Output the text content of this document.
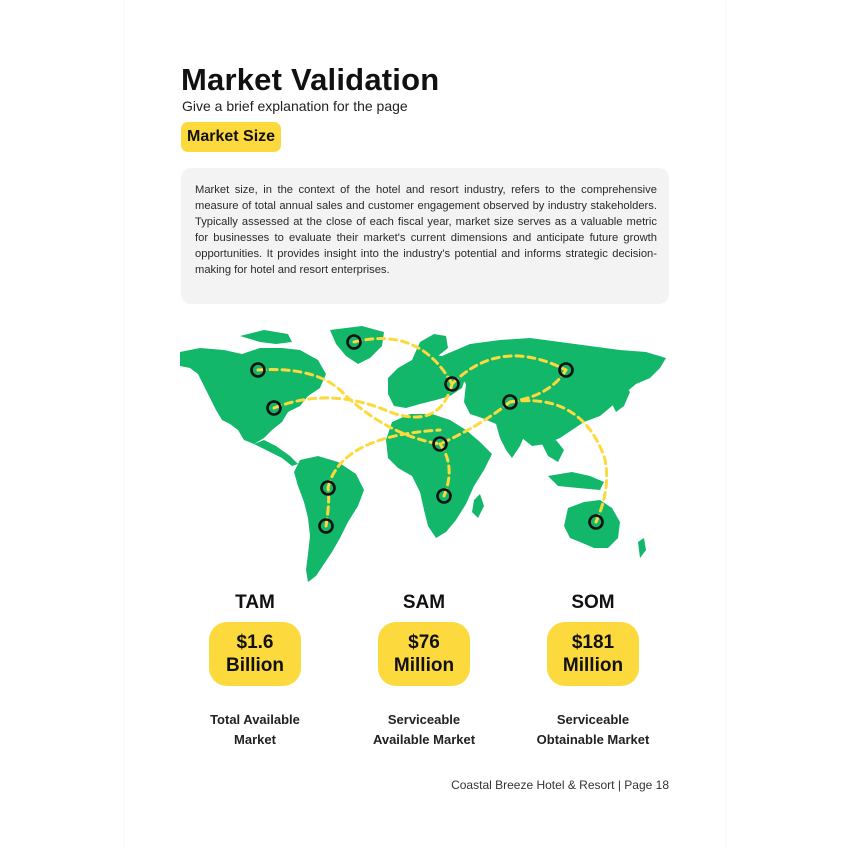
Market Validation

Give a brief explanation for the page

Market Size

Market size, in the context of the hotel and resort industry, refers to the comprehensive measure of total annual sales and customer engagement observed by industry stakeholders. Typically assessed at the close of each fiscal year, market size serves as a valuable metric for businesses to evaluate their market's current dimensions and anticipate future growth opportunities. It provides insight into the industry's potential and informs strategic decision-making for hotel and resort enterprises.

TAM
$1.6
Billion
Total Available
Market
SAM
$76
Million
Serviceable
Available Market
SOM
$181
Million
Serviceable
Obtainable Market

Coastal Breeze Hotel & Resort | Page 18
